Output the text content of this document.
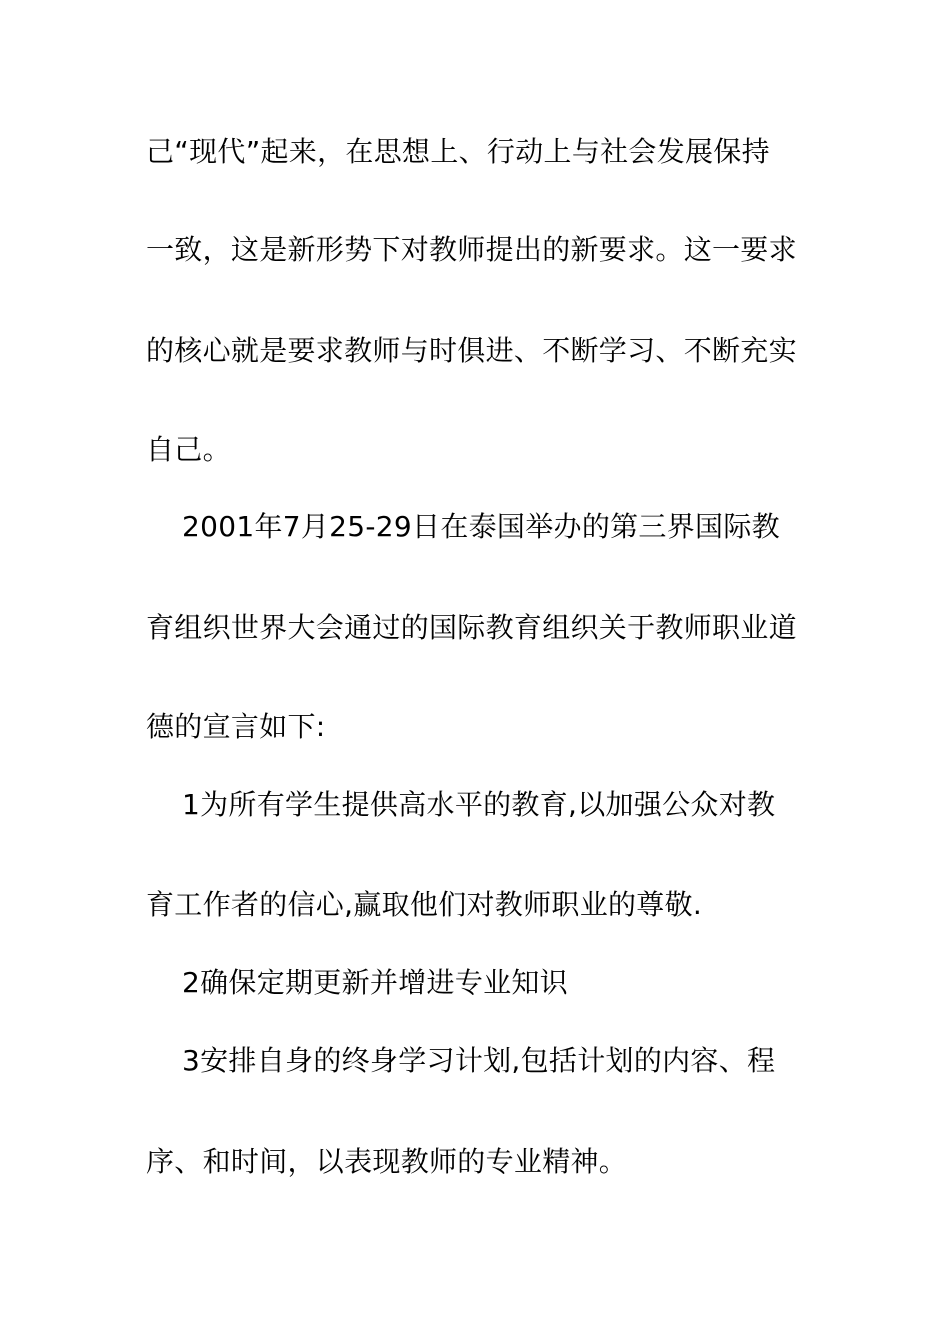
己“现代”起来，在思想上、行动上与社会发展保持
一致，这是新形势下对教师提出的新要求。这一要求
的核心就是要求教师与时俱进、不断学习、不断充实
自己。
2001年7月25-29日在泰国举办的第三界国际教
育组织世界大会通过的国际教育组织关于教师职业道
德的宣言如下:
1为所有学生提供高水平的教育,以加强公众对教
育工作者的信心,赢取他们对教师职业的尊敬.
2确保定期更新并增进专业知识
3安排自身的终身学习计划,包括计划的内容、程
序、和时间，以表现教师的专业精神。
